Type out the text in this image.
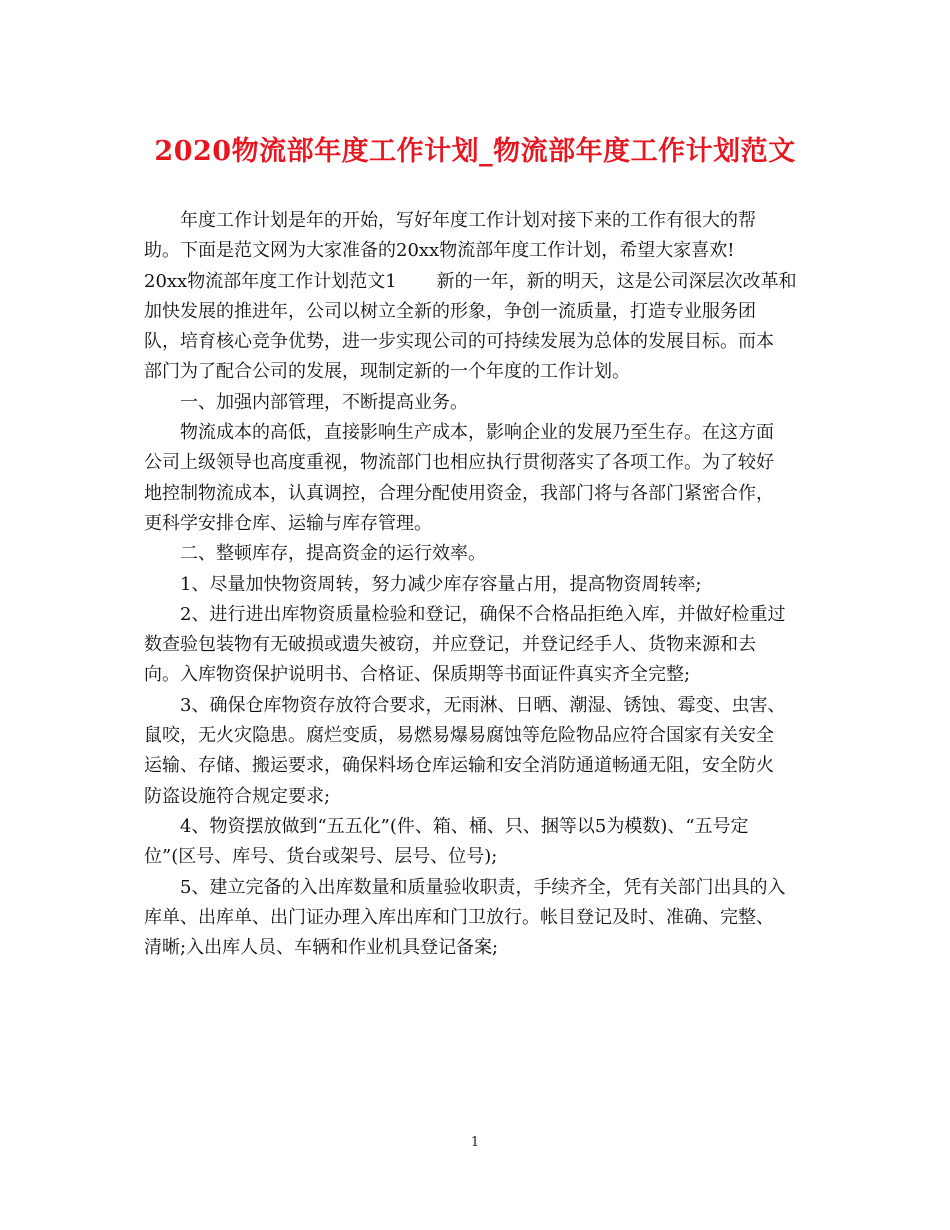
2020物流部年度工作计划_物流部年度工作计划范文
年度工作计划是年的开始，写好年度工作计划对接下来的工作有很大的帮
助。下面是范文网为大家准备的20xx物流部年度工作计划，希望大家喜欢!
20xx物流部年度工作计划范文1 新的一年，新的明天，这是公司深层次改革和
加快发展的推进年，公司以树立全新的形象，争创一流质量，打造专业服务团
队，培育核心竞争优势，进一步实现公司的可持续发展为总体的发展目标。而本
部门为了配合公司的发展，现制定新的一个年度的工作计划。
一、加强内部管理，不断提高业务。
物流成本的高低，直接影响生产成本，影响企业的发展乃至生存。在这方面
公司上级领导也高度重视，物流部门也相应执行贯彻落实了各项工作。为了较好
地控制物流成本，认真调控，合理分配使用资金，我部门将与各部门紧密合作，
更科学安排仓库、运输与库存管理。
二、整顿库存，提高资金的运行效率。
1、尽量加快物资周转，努力减少库存容量占用，提高物资周转率;
2、进行进出库物资质量检验和登记，确保不合格品拒绝入库，并做好检重过
数查验包装物有无破损或遗失被窃，并应登记，并登记经手人、货物来源和去
向。入库物资保护说明书、合格证、保质期等书面证件真实齐全完整;
3、确保仓库物资存放符合要求，无雨淋、日晒、潮湿、锈蚀、霉变、虫害、
鼠咬，无火灾隐患。腐烂变质，易燃易爆易腐蚀等危险物品应符合国家有关安全
运输、存储、搬运要求，确保料场仓库运输和安全消防通道畅通无阻，安全防火
防盗设施符合规定要求;
4、物资摆放做到“五五化”(件、箱、桶、只、捆等以5为模数)、“五号定
位”(区号、库号、货台或架号、层号、位号);
5、建立完备的入出库数量和质量验收职责，手续齐全，凭有关部门出具的入
库单、出库单、出门证办理入库出库和门卫放行。帐目登记及时、准确、完整、
清晰;入出库人员、车辆和作业机具登记备案;
1
